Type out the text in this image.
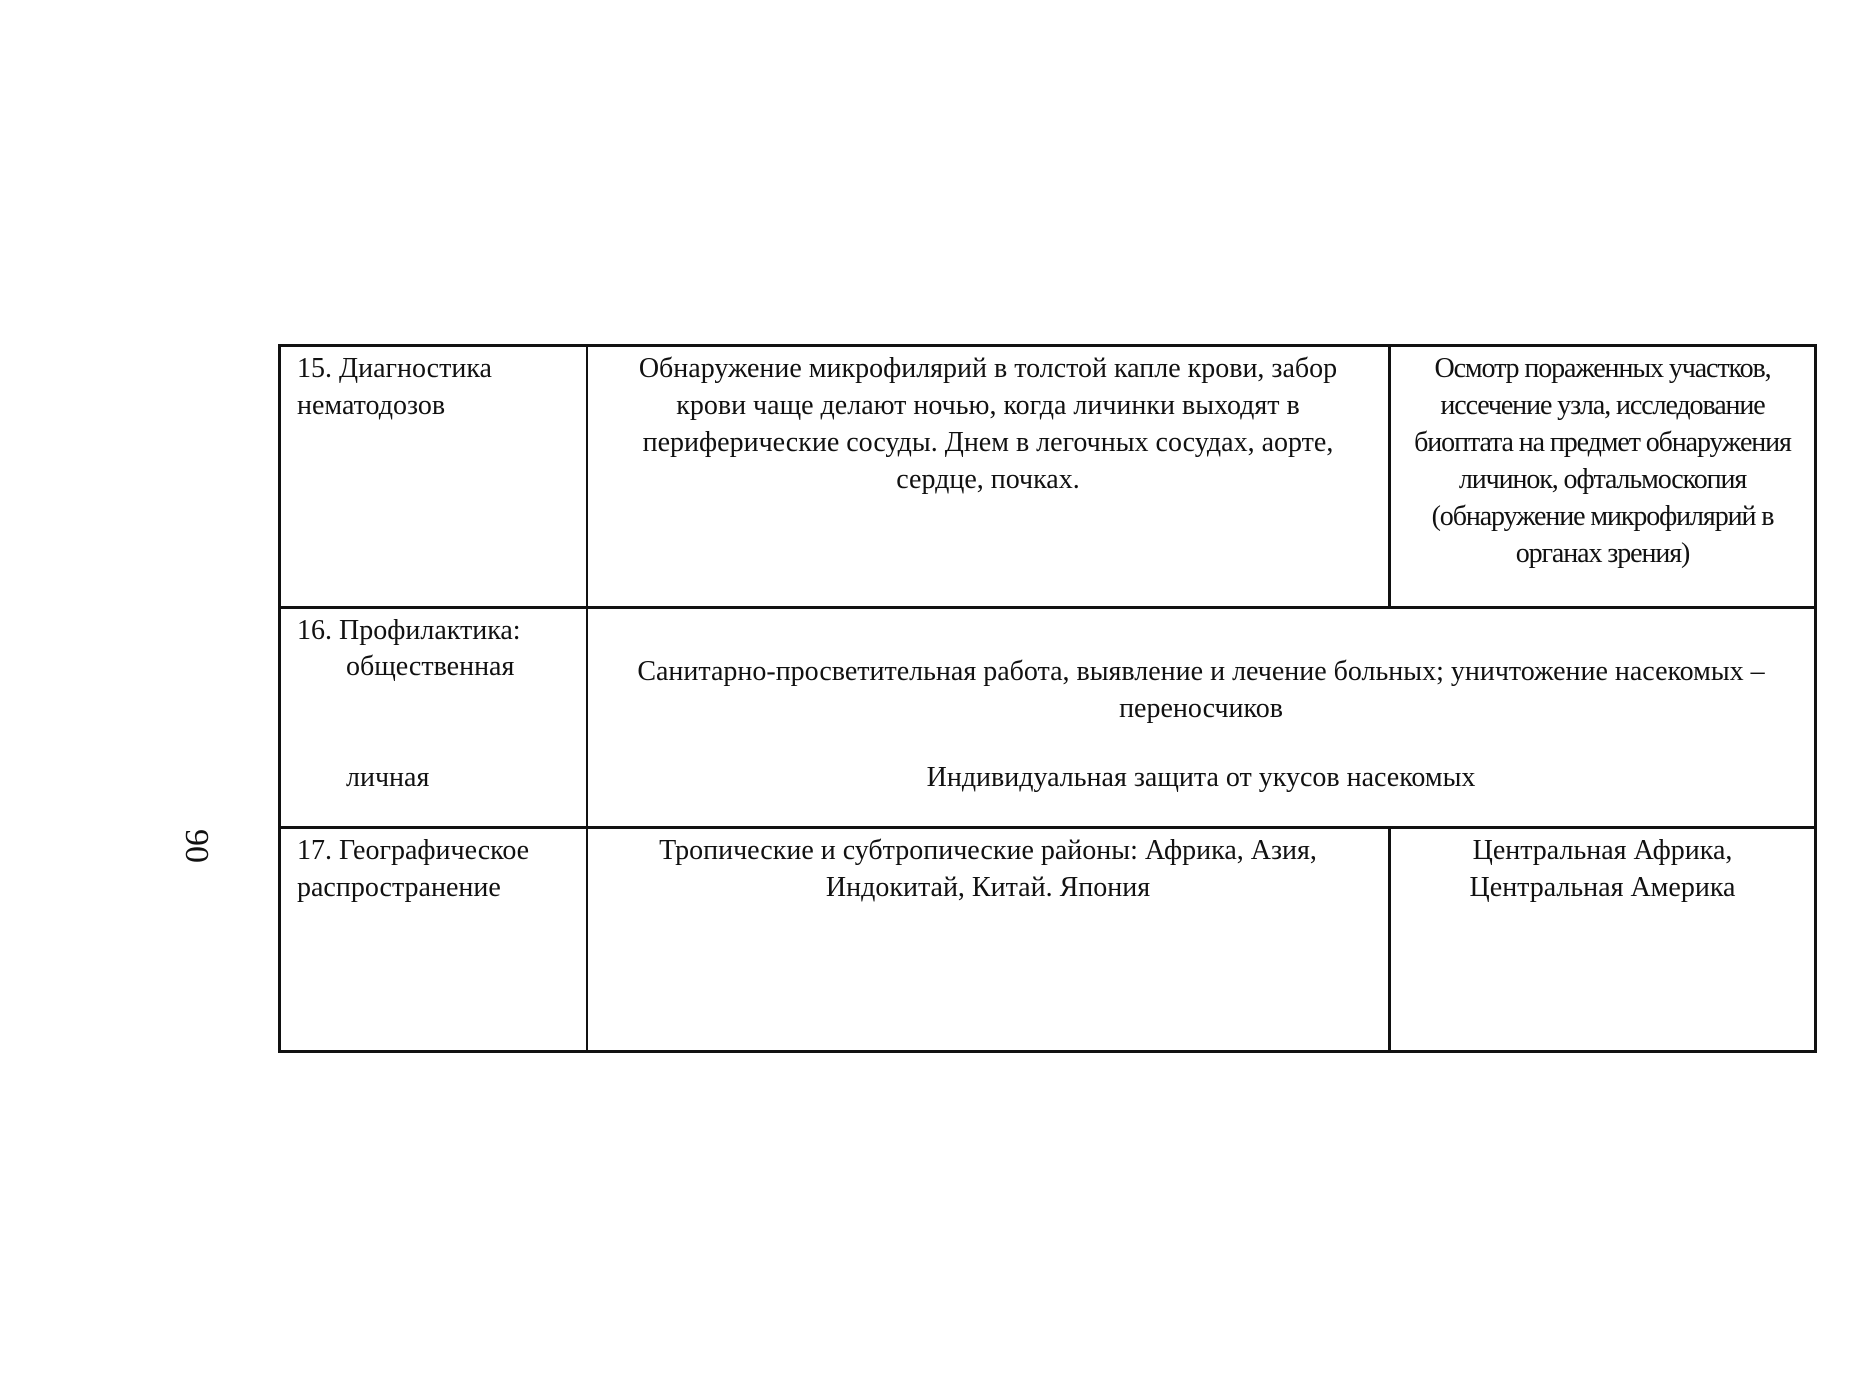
90
15. Диагностика нематодозов
Обнаружение микрофилярий в толстой капле крови, забор крови чаще делают ночью, когда личинки выходят в периферические сосуды. Днем в легочных сосудах, аорте, сердце, почках.
Осмотр пораженных участков, иссечение узла, исследование биоптата на предмет обнаружения личинок, офтальмоскопия (обнаружение микрофилярий в органах зрения)
16. Профилактика:
общественная
личная
Санитарно-просветительная работа, выявление и лечение больных; уничтожение насекомых – переносчиков
Индивидуальная защита от укусов насекомых
17. Географическое распространение
Тропические и субтропические районы: Африка, Азия, Индокитай, Китай. Япония
Центральная Африка, Центральная Америка
